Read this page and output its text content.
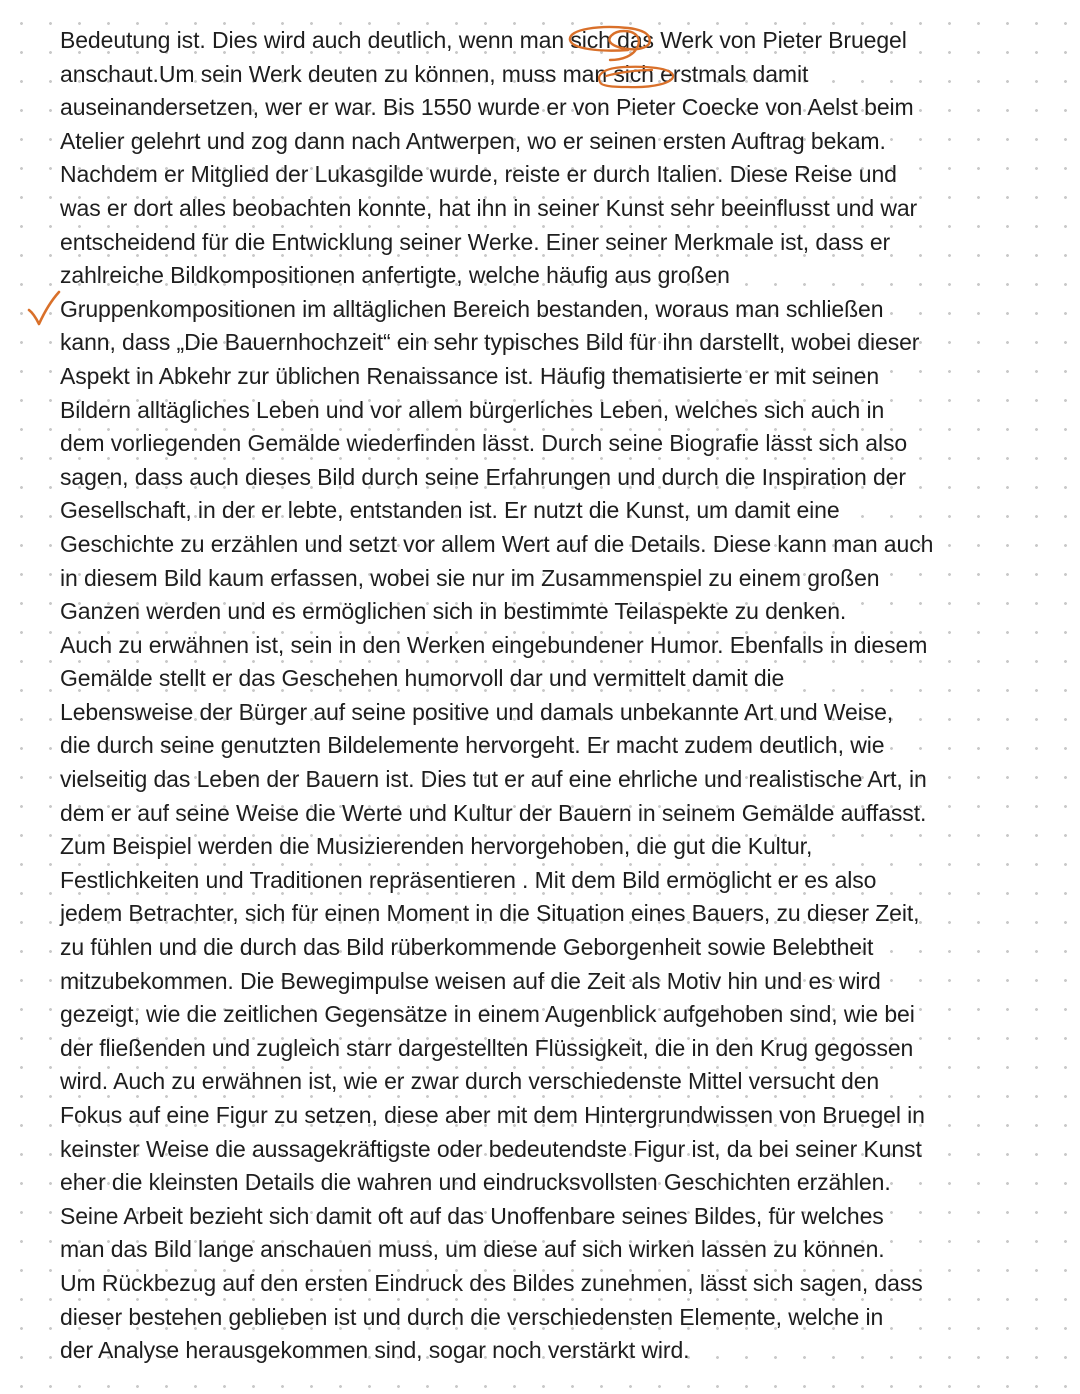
Bedeutung ist. Dies wird auch deutlich, wenn man sich das Werk von Pieter Bruegel
anschaut.Um sein Werk deuten zu können, muss man sich erstmals damit
auseinandersetzen, wer er war. Bis 1550 wurde er von Pieter Coecke von Aelst beim
Atelier gelehrt und zog dann nach Antwerpen, wo er seinen ersten Auftrag bekam.
Nachdem er Mitglied der Lukasgilde wurde, reiste er durch Italien. Diese Reise und
was er dort alles beobachten konnte, hat ihn in seiner Kunst sehr beeinflusst und war
entscheidend für die Entwicklung seiner Werke. Einer seiner Merkmale ist, dass er
zahlreiche Bildkompositionen anfertigte, welche häufig aus großen
Gruppenkompositionen im alltäglichen Bereich bestanden, woraus man schließen
kann, dass „Die Bauernhochzeit“ ein sehr typisches Bild für ihn darstellt, wobei dieser
Aspekt in Abkehr zur üblichen Renaissance ist. Häufig thematisierte er mit seinen
Bildern alltägliches Leben und vor allem bürgerliches Leben, welches sich auch in
dem vorliegenden Gemälde wiederfinden lässt. Durch seine Biografie lässt sich also
sagen, dass auch dieses Bild durch seine Erfahrungen und durch die Inspiration der
Gesellschaft, in der er lebte, entstanden ist. Er nutzt die Kunst, um damit eine
Geschichte zu erzählen und setzt vor allem Wert auf die Details. Diese kann man auch
in diesem Bild kaum erfassen, wobei sie nur im Zusammenspiel zu einem großen
Ganzen werden und es ermöglichen sich in bestimmte Teilaspekte zu denken.
Auch zu erwähnen ist, sein in den Werken eingebundener Humor. Ebenfalls in diesem
Gemälde stellt er das Geschehen humorvoll dar und vermittelt damit die
Lebensweise der Bürger auf seine positive und damals unbekannte Art und Weise,
die durch seine genutzten Bildelemente hervorgeht. Er macht zudem deutlich, wie
vielseitig das Leben der Bauern ist. Dies tut er auf eine ehrliche und realistische Art, in
dem er auf seine Weise die Werte und Kultur der Bauern in seinem Gemälde auffasst.
Zum Beispiel werden die Musizierenden hervorgehoben, die gut die Kultur,
Festlichkeiten und Traditionen repräsentieren . Mit dem Bild ermöglicht er es also
jedem Betrachter, sich für einen Moment in die Situation eines Bauers, zu dieser Zeit,
zu fühlen und die durch das Bild rüberkommende Geborgenheit sowie Belebtheit
mitzubekommen. Die Bewegimpulse weisen auf die Zeit als Motiv hin und es wird
gezeigt, wie die zeitlichen Gegensätze in einem Augenblick aufgehoben sind, wie bei
der fließenden und zugleich starr dargestellten Flüssigkeit, die in den Krug gegossen
wird. Auch zu erwähnen ist, wie er zwar durch verschiedenste Mittel versucht den
Fokus auf eine Figur zu setzen, diese aber mit dem Hintergrundwissen von Bruegel in
keinster Weise die aussagekräftigste oder bedeutendste Figur ist, da bei seiner Kunst
eher die kleinsten Details die wahren und eindrucksvollsten Geschichten erzählen.
Seine Arbeit bezieht sich damit oft auf das Unoffenbare seines Bildes, für welches
man das Bild lange anschauen muss, um diese auf sich wirken lassen zu können.
Um Rückbezug auf den ersten Eindruck des Bildes zunehmen, lässt sich sagen, dass
dieser bestehen geblieben ist und durch die verschiedensten Elemente, welche in
der Analyse herausgekommen sind, sogar noch verstärkt wird.
